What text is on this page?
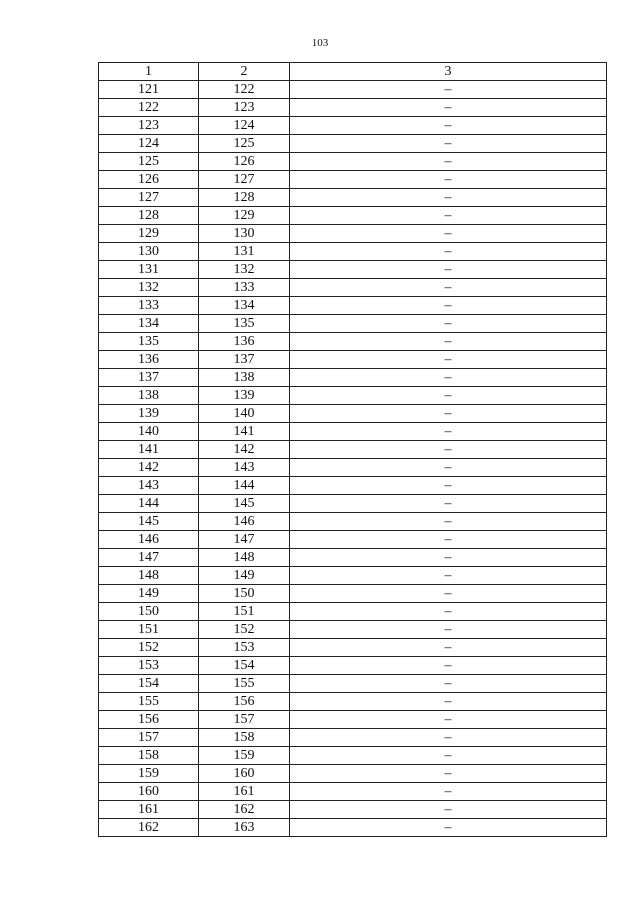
103
1	2	3
121	122	–
122	123	–
123	124	–
124	125	–
125	126	–
126	127	–
127	128	–
128	129	–
129	130	–
130	131	–
131	132	–
132	133	–
133	134	–
134	135	–
135	136	–
136	137	–
137	138	–
138	139	–
139	140	–
140	141	–
141	142	–
142	143	–
143	144	–
144	145	–
145	146	–
146	147	–
147	148	–
148	149	–
149	150	–
150	151	–
151	152	–
152	153	–
153	154	–
154	155	–
155	156	–
156	157	–
157	158	–
158	159	–
159	160	–
160	161	–
161	162	–
162	163	–
